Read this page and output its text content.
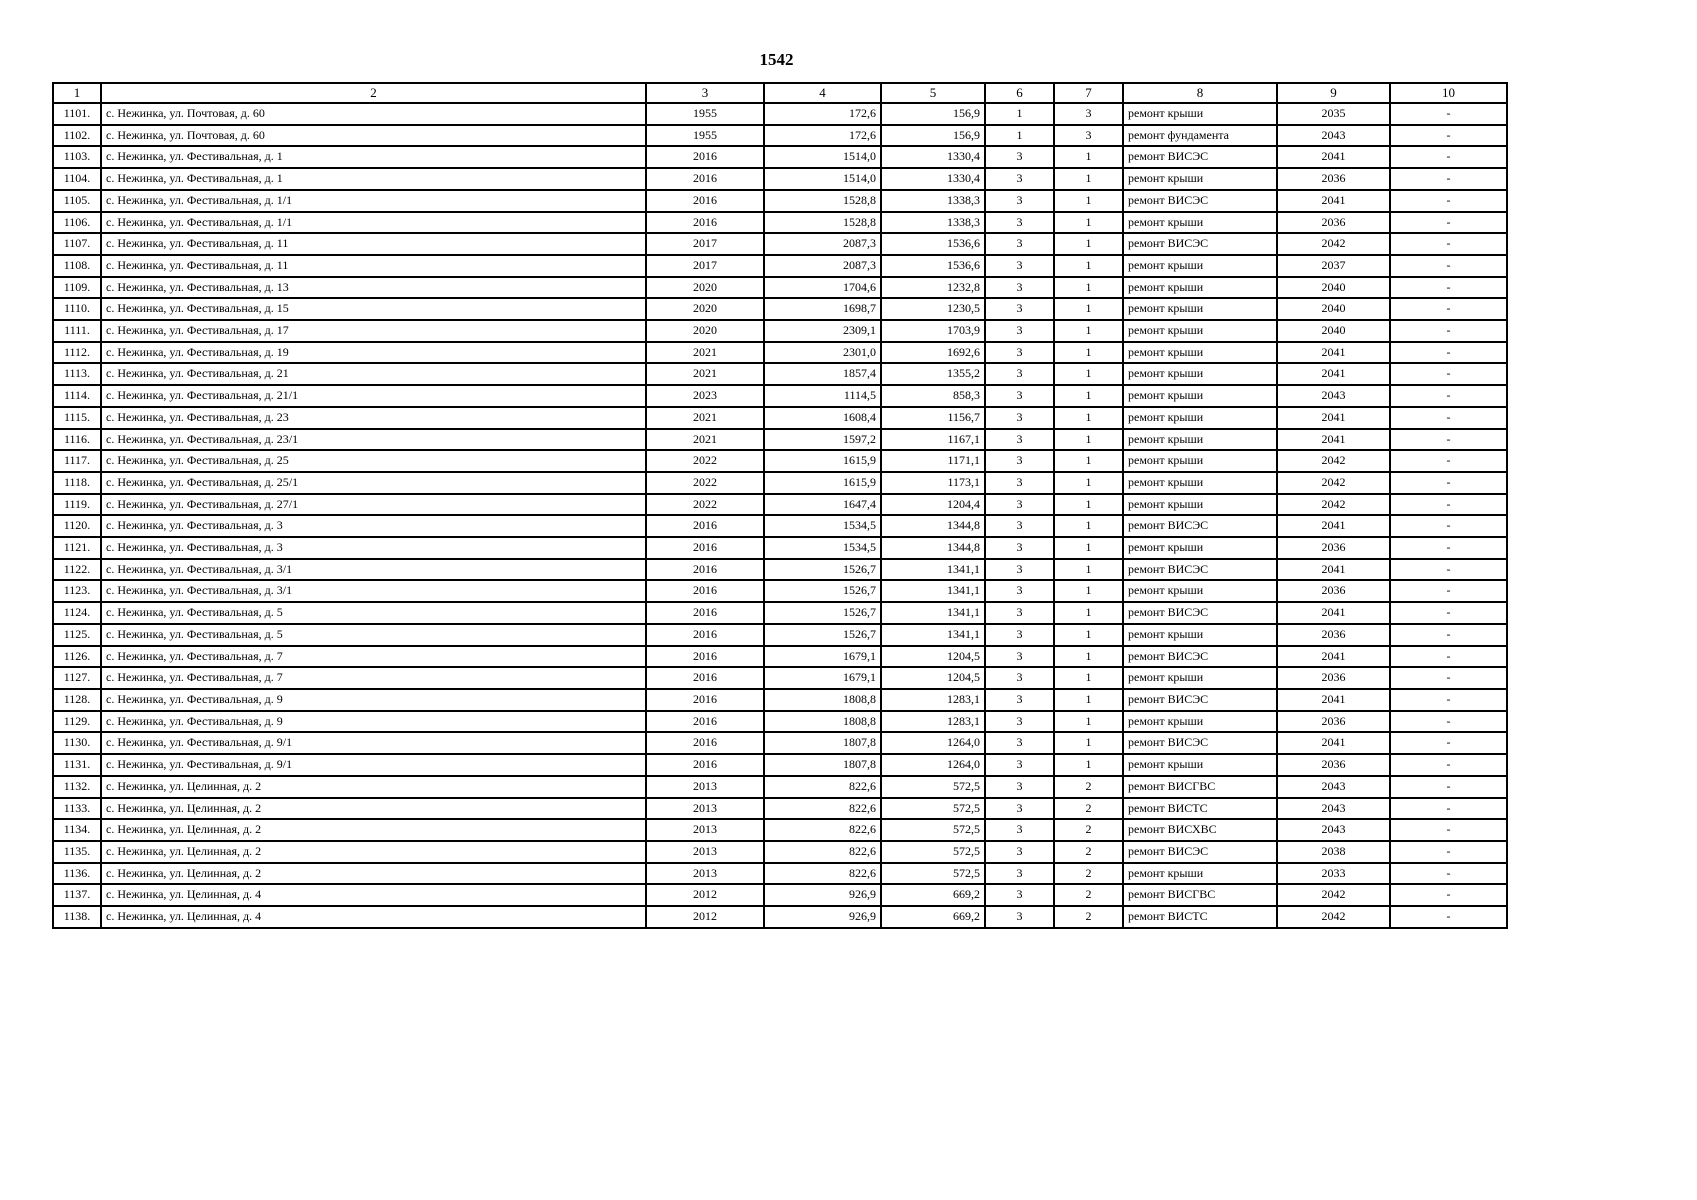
1542
1	2	3	4	5	6	7	8	9	10
1101.	с. Нежинка, ул. Почтовая, д. 60	1955	172,6	156,9	1	3	ремонт крыши	2035	-
1102.	с. Нежинка, ул. Почтовая, д. 60	1955	172,6	156,9	1	3	ремонт фундамента	2043	-
1103.	с. Нежинка, ул. Фестивальная, д. 1	2016	1514,0	1330,4	3	1	ремонт ВИСЭС	2041	-
1104.	с. Нежинка, ул. Фестивальная, д. 1	2016	1514,0	1330,4	3	1	ремонт крыши	2036	-
1105.	с. Нежинка, ул. Фестивальная, д. 1/1	2016	1528,8	1338,3	3	1	ремонт ВИСЭС	2041	-
1106.	с. Нежинка, ул. Фестивальная, д. 1/1	2016	1528,8	1338,3	3	1	ремонт крыши	2036	-
1107.	с. Нежинка, ул. Фестивальная, д. 11	2017	2087,3	1536,6	3	1	ремонт ВИСЭС	2042	-
1108.	с. Нежинка, ул. Фестивальная, д. 11	2017	2087,3	1536,6	3	1	ремонт крыши	2037	-
1109.	с. Нежинка, ул. Фестивальная, д. 13	2020	1704,6	1232,8	3	1	ремонт крыши	2040	-
1110.	с. Нежинка, ул. Фестивальная, д. 15	2020	1698,7	1230,5	3	1	ремонт крыши	2040	-
1111.	с. Нежинка, ул. Фестивальная, д. 17	2020	2309,1	1703,9	3	1	ремонт крыши	2040	-
1112.	с. Нежинка, ул. Фестивальная, д. 19	2021	2301,0	1692,6	3	1	ремонт крыши	2041	-
1113.	с. Нежинка, ул. Фестивальная, д. 21	2021	1857,4	1355,2	3	1	ремонт крыши	2041	-
1114.	с. Нежинка, ул. Фестивальная, д. 21/1	2023	1114,5	858,3	3	1	ремонт крыши	2043	-
1115.	с. Нежинка, ул. Фестивальная, д. 23	2021	1608,4	1156,7	3	1	ремонт крыши	2041	-
1116.	с. Нежинка, ул. Фестивальная, д. 23/1	2021	1597,2	1167,1	3	1	ремонт крыши	2041	-
1117.	с. Нежинка, ул. Фестивальная, д. 25	2022	1615,9	1171,1	3	1	ремонт крыши	2042	-
1118.	с. Нежинка, ул. Фестивальная, д. 25/1	2022	1615,9	1173,1	3	1	ремонт крыши	2042	-
1119.	с. Нежинка, ул. Фестивальная, д. 27/1	2022	1647,4	1204,4	3	1	ремонт крыши	2042	-
1120.	с. Нежинка, ул. Фестивальная, д. 3	2016	1534,5	1344,8	3	1	ремонт ВИСЭС	2041	-
1121.	с. Нежинка, ул. Фестивальная, д. 3	2016	1534,5	1344,8	3	1	ремонт крыши	2036	-
1122.	с. Нежинка, ул. Фестивальная, д. 3/1	2016	1526,7	1341,1	3	1	ремонт ВИСЭС	2041	-
1123.	с. Нежинка, ул. Фестивальная, д. 3/1	2016	1526,7	1341,1	3	1	ремонт крыши	2036	-
1124.	с. Нежинка, ул. Фестивальная, д. 5	2016	1526,7	1341,1	3	1	ремонт ВИСЭС	2041	-
1125.	с. Нежинка, ул. Фестивальная, д. 5	2016	1526,7	1341,1	3	1	ремонт крыши	2036	-
1126.	с. Нежинка, ул. Фестивальная, д. 7	2016	1679,1	1204,5	3	1	ремонт ВИСЭС	2041	-
1127.	с. Нежинка, ул. Фестивальная, д. 7	2016	1679,1	1204,5	3	1	ремонт крыши	2036	-
1128.	с. Нежинка, ул. Фестивальная, д. 9	2016	1808,8	1283,1	3	1	ремонт ВИСЭС	2041	-
1129.	с. Нежинка, ул. Фестивальная, д. 9	2016	1808,8	1283,1	3	1	ремонт крыши	2036	-
1130.	с. Нежинка, ул. Фестивальная, д. 9/1	2016	1807,8	1264,0	3	1	ремонт ВИСЭС	2041	-
1131.	с. Нежинка, ул. Фестивальная, д. 9/1	2016	1807,8	1264,0	3	1	ремонт крыши	2036	-
1132.	с. Нежинка, ул. Целинная, д. 2	2013	822,6	572,5	3	2	ремонт ВИСГВС	2043	-
1133.	с. Нежинка, ул. Целинная, д. 2	2013	822,6	572,5	3	2	ремонт ВИСТС	2043	-
1134.	с. Нежинка, ул. Целинная, д. 2	2013	822,6	572,5	3	2	ремонт ВИСХВС	2043	-
1135.	с. Нежинка, ул. Целинная, д. 2	2013	822,6	572,5	3	2	ремонт ВИСЭС	2038	-
1136.	с. Нежинка, ул. Целинная, д. 2	2013	822,6	572,5	3	2	ремонт крыши	2033	-
1137.	с. Нежинка, ул. Целинная, д. 4	2012	926,9	669,2	3	2	ремонт ВИСГВС	2042	-
1138.	с. Нежинка, ул. Целинная, д. 4	2012	926,9	669,2	3	2	ремонт ВИСТС	2042	-
